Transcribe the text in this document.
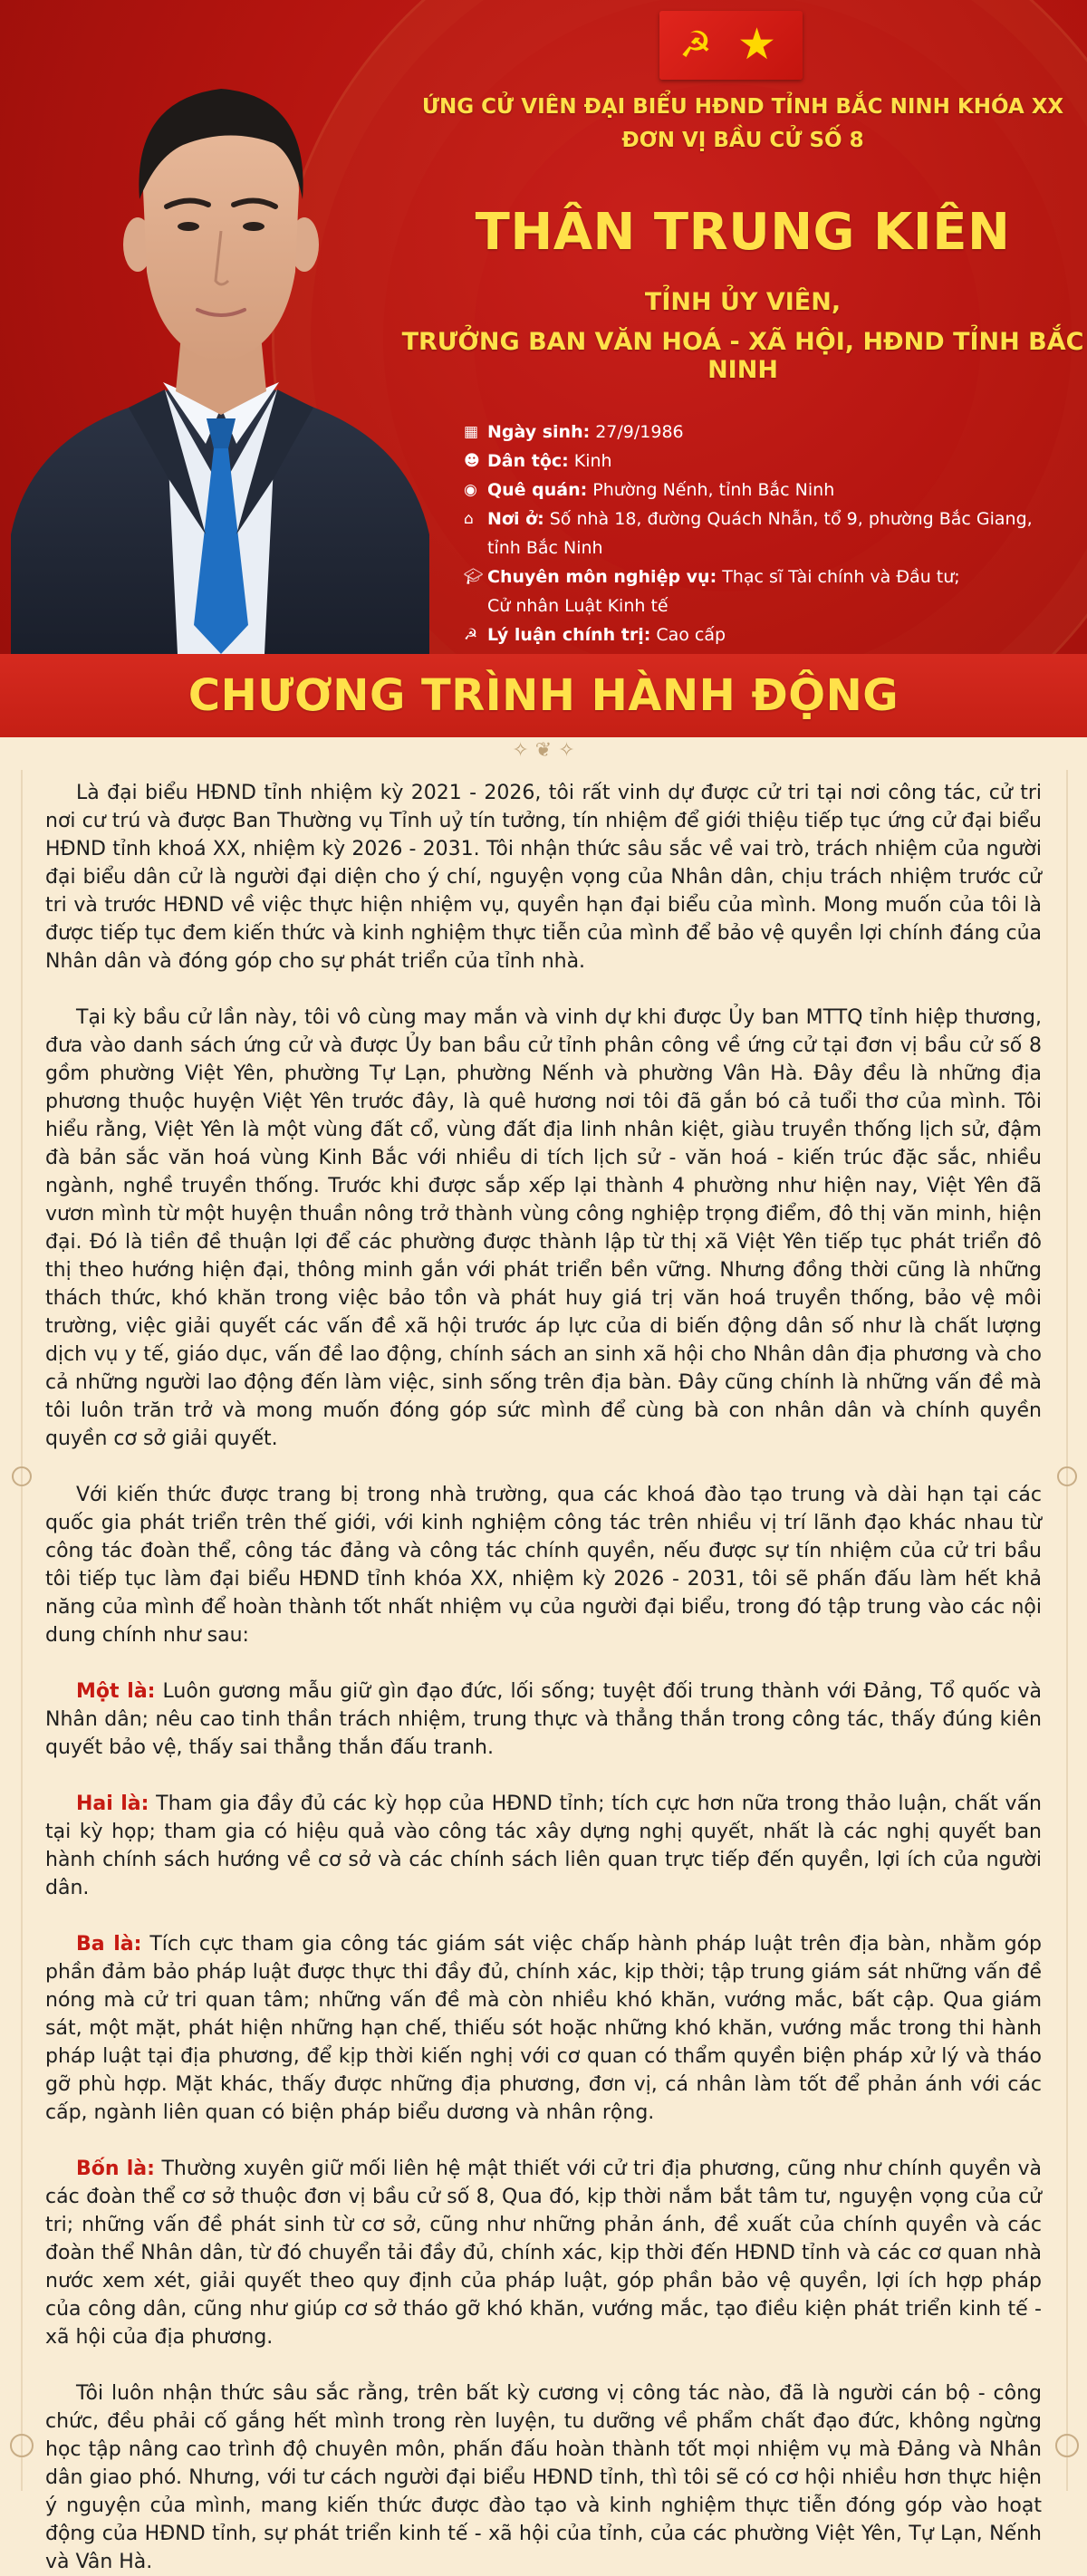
☭ ★
ỨNG CỬ VIÊN ĐẠI BIỂU HĐND TỈNH BẮC NINH KHÓA XX
ĐƠN VỊ BẦU CỬ SỐ 8
THÂN TRUNG KIÊN
TỈNH ỦY VIÊN,
TRƯỞNG BAN VĂN HOÁ - XÃ HỘI, HĐND TỈNH BẮC NINH
▦ Ngày sinh: 27/9/1986
☻ Dân tộc: Kinh
◉ Quê quán: Phường Nếnh, tỉnh Bắc Ninh
⌂ Nơi ở: Số nhà 18, đường Quách Nhẫn, tổ 9, phường Bắc Giang,
tỉnh Bắc Ninh
🎓︎ Chuyên môn nghiệp vụ: Thạc sĩ Tài chính và Đầu tư;
Cử nhân Luật Kinh tế
☭ Lý luận chính trị: Cao cấp
CHƯƠNG TRÌNH HÀNH ĐỘNG
✧ ❦ ✧

Là đại biểu HĐND tỉnh nhiệm kỳ 2021 - 2026, tôi rất vinh dự được cử tri tại nơi công tác, cử tri nơi cư trú và được Ban Thường vụ Tỉnh uỷ tín tưởng, tín nhiệm để giới thiệu tiếp tục ứng cử đại biểu HĐND tỉnh khoá XX, nhiệm kỳ 2026 - 2031. Tôi nhận thức sâu sắc về vai trò, trách nhiệm của người đại biểu dân cử là người đại diện cho ý chí, nguyện vọng của Nhân dân, chịu trách nhiệm trước cử tri và trước HĐND về việc thực hiện nhiệm vụ, quyền hạn đại biểu của mình. Mong muốn của tôi là được tiếp tục đem kiến thức và kinh nghiệm thực tiễn của mình để bảo vệ quyền lợi chính đáng của Nhân dân và đóng góp cho sự phát triển của tỉnh nhà.

Tại kỳ bầu cử lần này, tôi vô cùng may mắn và vinh dự khi được Ủy ban MTTQ tỉnh hiệp thương, đưa vào danh sách ứng cử và được Ủy ban bầu cử tỉnh phân công về ứng cử tại đơn vị bầu cử số 8 gồm phường Việt Yên, phường Tự Lạn, phường Nếnh và phường Vân Hà. Đây đều là những địa phương thuộc huyện Việt Yên trước đây, là quê hương nơi tôi đã gắn bó cả tuổi thơ của mình. Tôi hiểu rằng, Việt Yên là một vùng đất cổ, vùng đất địa linh nhân kiệt, giàu truyền thống lịch sử, đậm đà bản sắc văn hoá vùng Kinh Bắc với nhiều di tích lịch sử - văn hoá - kiến trúc đặc sắc, nhiều ngành, nghề truyền thống. Trước khi được sắp xếp lại thành 4 phường như hiện nay, Việt Yên đã vươn mình từ một huyện thuần nông trở thành vùng công nghiệp trọng điểm, đô thị văn minh, hiện đại. Đó là tiền đề thuận lợi để các phường được thành lập từ thị xã Việt Yên tiếp tục phát triển đô thị theo hướng hiện đại, thông minh gắn với phát triển bền vững. Nhưng đồng thời cũng là những thách thức, khó khăn trong việc bảo tồn và phát huy giá trị văn hoá truyền thống, bảo vệ môi trường, việc giải quyết các vấn đề xã hội trước áp lực của di biến động dân số như là chất lượng dịch vụ y tế, giáo dục, vấn đề lao động, chính sách an sinh xã hội cho Nhân dân địa phương và cho cả những người lao động đến làm việc, sinh sống trên địa bàn. Đây cũng chính là những vấn đề mà tôi luôn trăn trở và mong muốn đóng góp sức mình để cùng bà con nhân dân và chính quyền quyền cơ sở giải quyết.

Với kiến thức được trang bị trong nhà trường, qua các khoá đào tạo trung và dài hạn tại các quốc gia phát triển trên thế giới, với kinh nghiệm công tác trên nhiều vị trí lãnh đạo khác nhau từ công tác đoàn thể, công tác đảng và công tác chính quyền, nếu được sự tín nhiệm của cử tri bầu tôi tiếp tục làm đại biểu HĐND tỉnh khóa XX, nhiệm kỳ 2026 - 2031, tôi sẽ phấn đấu làm hết khả năng của mình để hoàn thành tốt nhất nhiệm vụ của người đại biểu, trong đó tập trung vào các nội dung chính như sau:

Một là: Luôn gương mẫu giữ gìn đạo đức, lối sống; tuyệt đối trung thành với Đảng, Tổ quốc và Nhân dân; nêu cao tinh thần trách nhiệm, trung thực và thẳng thắn trong công tác, thấy đúng kiên quyết bảo vệ, thấy sai thẳng thắn đấu tranh.

Hai là: Tham gia đầy đủ các kỳ họp của HĐND tỉnh; tích cực hơn nữa trong thảo luận, chất vấn tại kỳ họp; tham gia có hiệu quả vào công tác xây dựng nghị quyết, nhất là các nghị quyết ban hành chính sách hướng về cơ sở và các chính sách liên quan trực tiếp đến quyền, lợi ích của người dân.

Ba là: Tích cực tham gia công tác giám sát việc chấp hành pháp luật trên địa bàn, nhằm góp phần đảm bảo pháp luật được thực thi đầy đủ, chính xác, kịp thời; tập trung giám sát những vấn đề nóng mà cử tri quan tâm; những vấn đề mà còn nhiều khó khăn, vướng mắc, bất cập. Qua giám sát, một mặt, phát hiện những hạn chế, thiếu sót hoặc những khó khăn, vướng mắc trong thi hành pháp luật tại địa phương, để kịp thời kiến nghị với cơ quan có thẩm quyền biện pháp xử lý và tháo gỡ phù hợp. Mặt khác, thấy được những địa phương, đơn vị, cá nhân làm tốt để phản ánh với các cấp, ngành liên quan có biện pháp biểu dương và nhân rộng.

Bốn là: Thường xuyên giữ mối liên hệ mật thiết với cử tri địa phương, cũng như chính quyền và các đoàn thể cơ sở thuộc đơn vị bầu cử số 8, Qua đó, kịp thời nắm bắt tâm tư, nguyện vọng của cử tri; những vấn đề phát sinh từ cơ sở, cũng như những phản ánh, đề xuất của chính quyền và các đoàn thể Nhân dân, từ đó chuyển tải đầy đủ, chính xác, kịp thời đến HĐND tỉnh và các cơ quan nhà nước xem xét, giải quyết theo quy định của pháp luật, góp phần bảo vệ quyền, lợi ích hợp pháp của công dân, cũng như giúp cơ sở tháo gỡ khó khăn, vướng mắc, tạo điều kiện phát triển kinh tế - xã hội của địa phương.

Tôi luôn nhận thức sâu sắc rằng, trên bất kỳ cương vị công tác nào, đã là người cán bộ - công chức, đều phải cố gắng hết mình trong rèn luyện, tu dưỡng về phẩm chất đạo đức, không ngừng học tập nâng cao trình độ chuyên môn, phấn đấu hoàn thành tốt mọi nhiệm vụ mà Đảng và Nhân dân giao phó. Nhưng, với tư cách người đại biểu HĐND tỉnh, thì tôi sẽ có cơ hội nhiều hơn thực hiện ý nguyện của mình, mang kiến thức được đào tạo và kinh nghiệm thực tiễn đóng góp vào hoạt động của HĐND tỉnh, sự phát triển kinh tế - xã hội của tỉnh, của các phường Việt Yên, Tự Lạn, Nếnh và Vân Hà.
